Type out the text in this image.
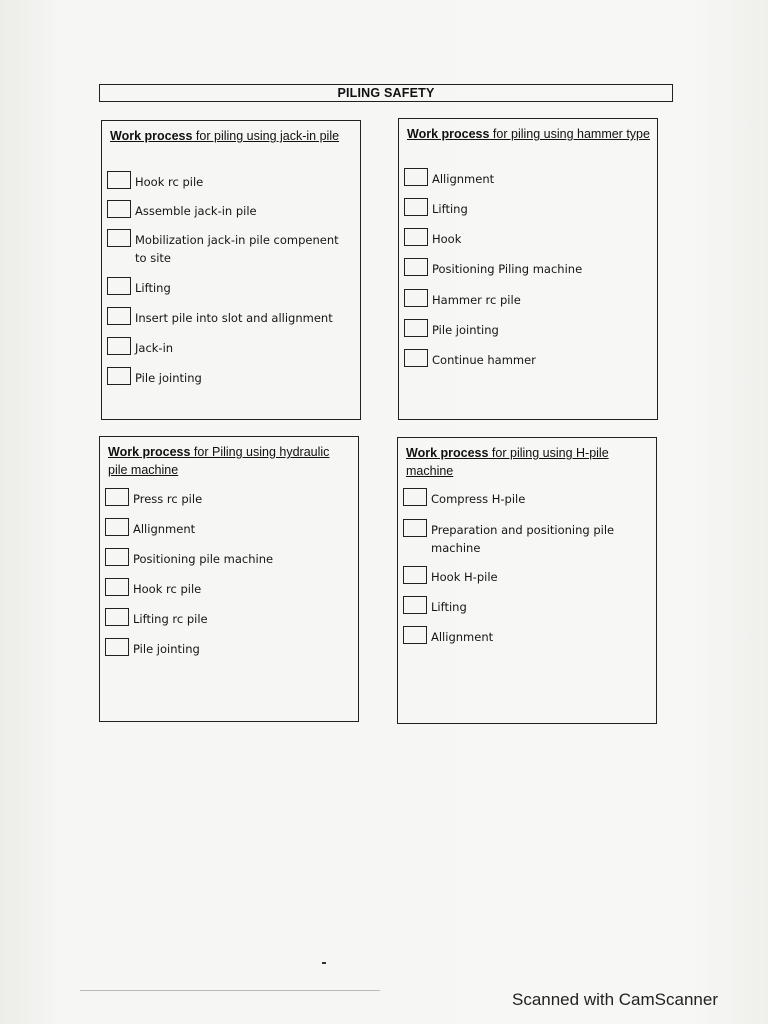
PILING SAFETY
Work process for piling using jack-in pile
Hook rc pile
Assemble jack-in pile
Mobilization jack-in pile compenent to site
Lifting
Insert pile into slot and allignment
Jack-in
Pile jointing
Work process for piling using hammer type
Allignment
Lifting
Hook
Positioning Piling machine
Hammer rc pile
Pile jointing
Continue hammer
Work process for Piling using hydraulic pile machine
Press rc pile
Allignment
Positioning pile machine
Hook rc pile
Lifting rc pile
Pile jointing
Work process for piling using H-pile machine
Compress H-pile
Preparation and positioning pile machine
Hook H-pile
Lifting
Allignment
Scanned with CamScanner
